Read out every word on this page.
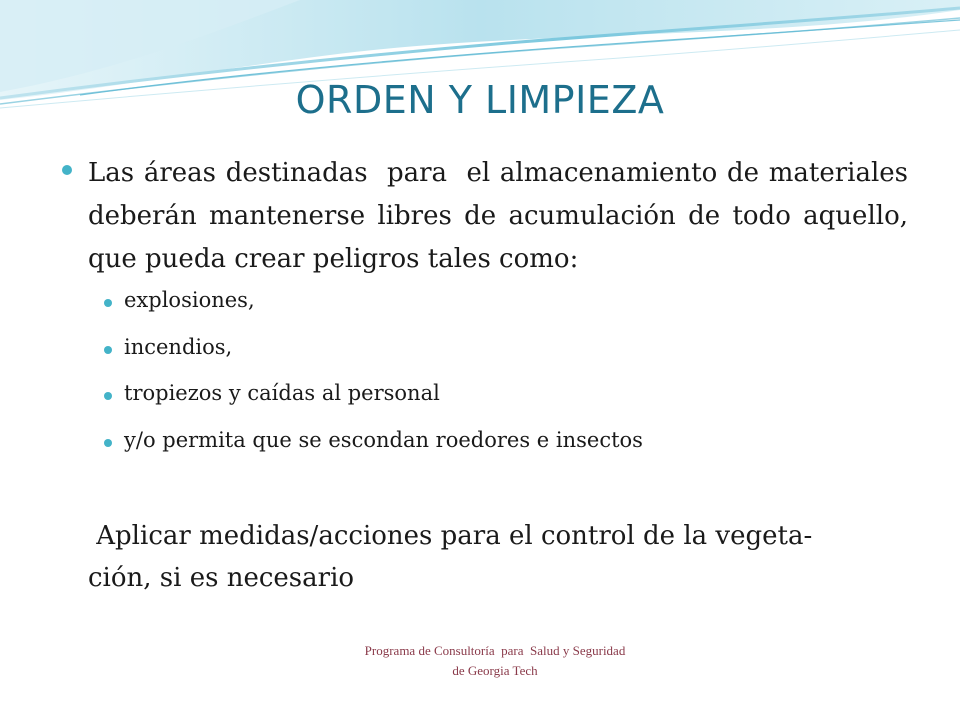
ORDEN Y LIMPIEZA
Las áreas destinadas  para  el almacenamiento de materiales deberán mantenerse libres de acumulación de todo aquello, que pueda crear peligros tales como:
explosiones,
incendios,
tropiezos y caídas al personal
y/o permita que se escondan roedores e insectos
Aplicar medidas/acciones para el control de la vegeta-
ción, si es necesario
Programa de Consultoría  para  Salud y Seguridad
de Georgia Tech
